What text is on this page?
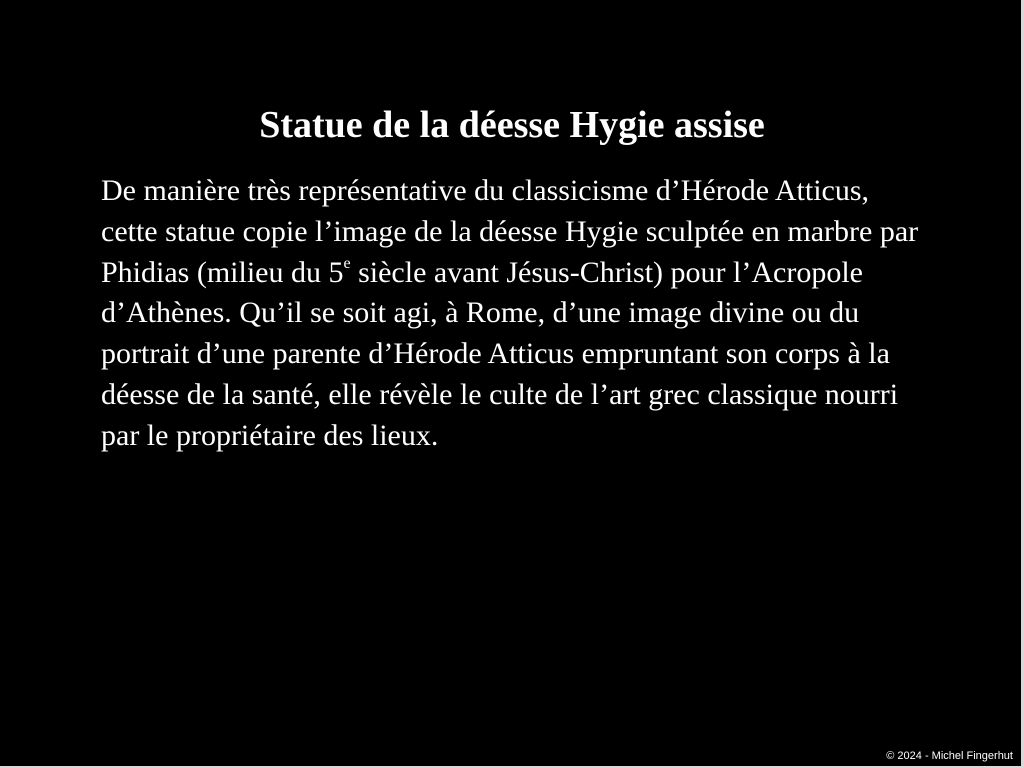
Statue de la déesse Hygie assise

De manière très représentative du classicisme d’Hérode Atticus, cette statue copie l’image de la déesse Hygie sculptée en marbre par Phidias (milieu du 5e siècle avant Jésus-Christ) pour l’Acropole d’Athènes. Qu’il se soit agi, à Rome, d’une image divine ou du portrait d’une parente d’Hérode Atticus empruntant son corps à la déesse de la santé, elle révèle le culte de l’art grec classique nourri par le propriétaire des lieux.

© 2024 - Michel Fingerhut
